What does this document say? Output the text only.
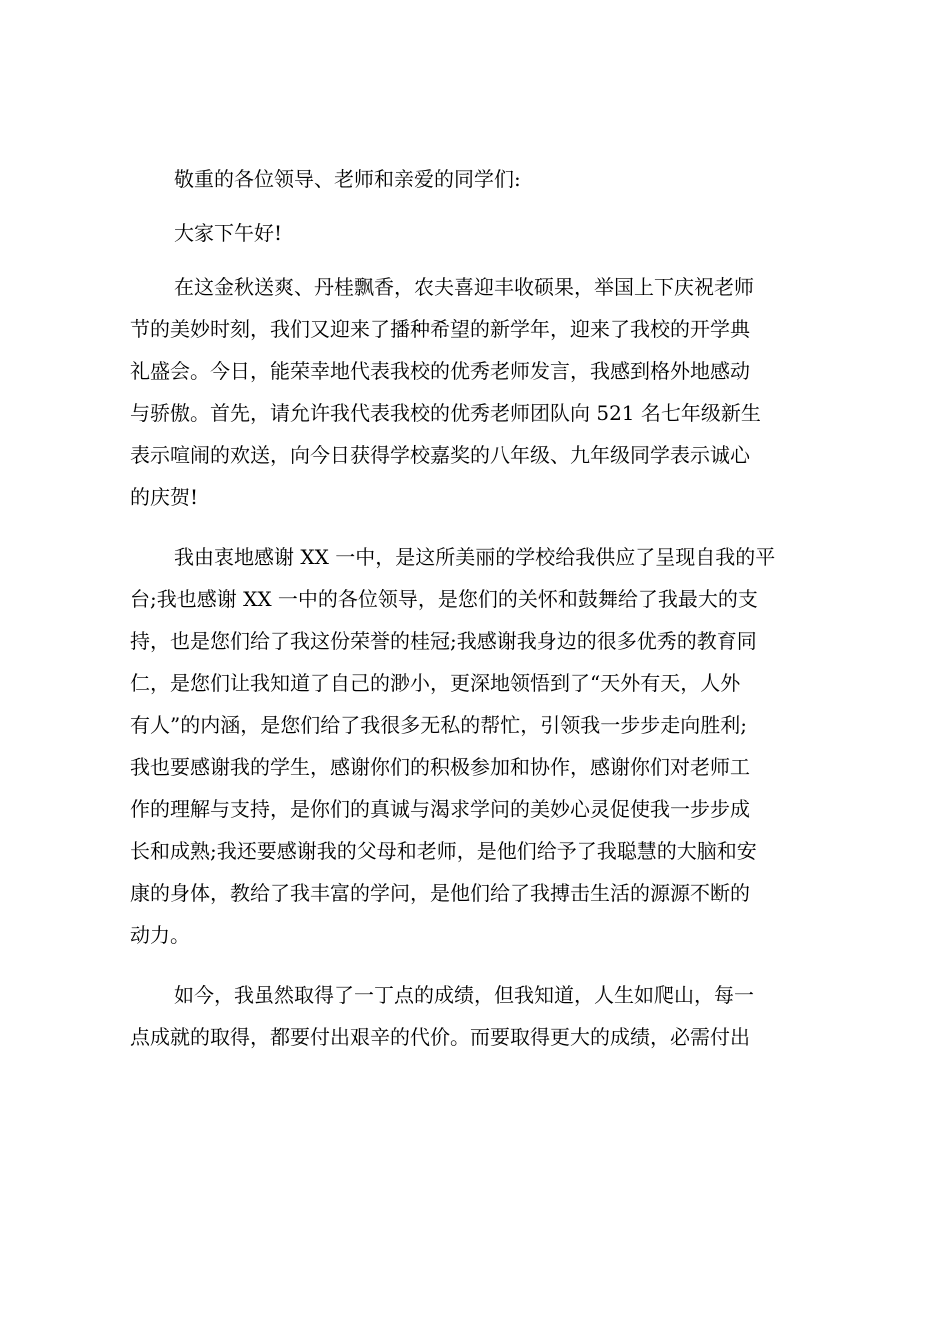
敬重的各位领导、老师和亲爱的同学们:

大家下午好!

在这金秋送爽、丹桂飘香，农夫喜迎丰收硕果，举国上下庆祝老师
节的美妙时刻，我们又迎来了播种希望的新学年，迎来了我校的开学典
礼盛会。今日，能荣幸地代表我校的优秀老师发言，我感到格外地感动
与骄傲。首先，请允许我代表我校的优秀老师团队向 521 名七年级新生
表示喧闹的欢送，向今日获得学校嘉奖的八年级、九年级同学表示诚心
的庆贺!
我由衷地感谢 XX 一中，是这所美丽的学校给我供应了呈现自我的平
台;我也感谢 XX 一中的各位领导，是您们的关怀和鼓舞给了我最大的支
持，也是您们给了我这份荣誉的桂冠;我感谢我身边的很多优秀的教育同
仁，是您们让我知道了自己的渺小，更深地领悟到了“天外有天，人外
有人”的内涵，是您们给了我很多无私的帮忙，引领我一步步走向胜利;
我也要感谢我的学生，感谢你们的积极参加和协作，感谢你们对老师工
作的理解与支持，是你们的真诚与渴求学问的美妙心灵促使我一步步成
长和成熟;我还要感谢我的父母和老师，是他们给予了我聪慧的大脑和安
康的身体，教给了我丰富的学问，是他们给了我搏击生活的源源不断的
动力。
如今，我虽然取得了一丁点的成绩，但我知道，人生如爬山，每一
点成就的取得，都要付出艰辛的代价。而要取得更大的成绩，必需付出
